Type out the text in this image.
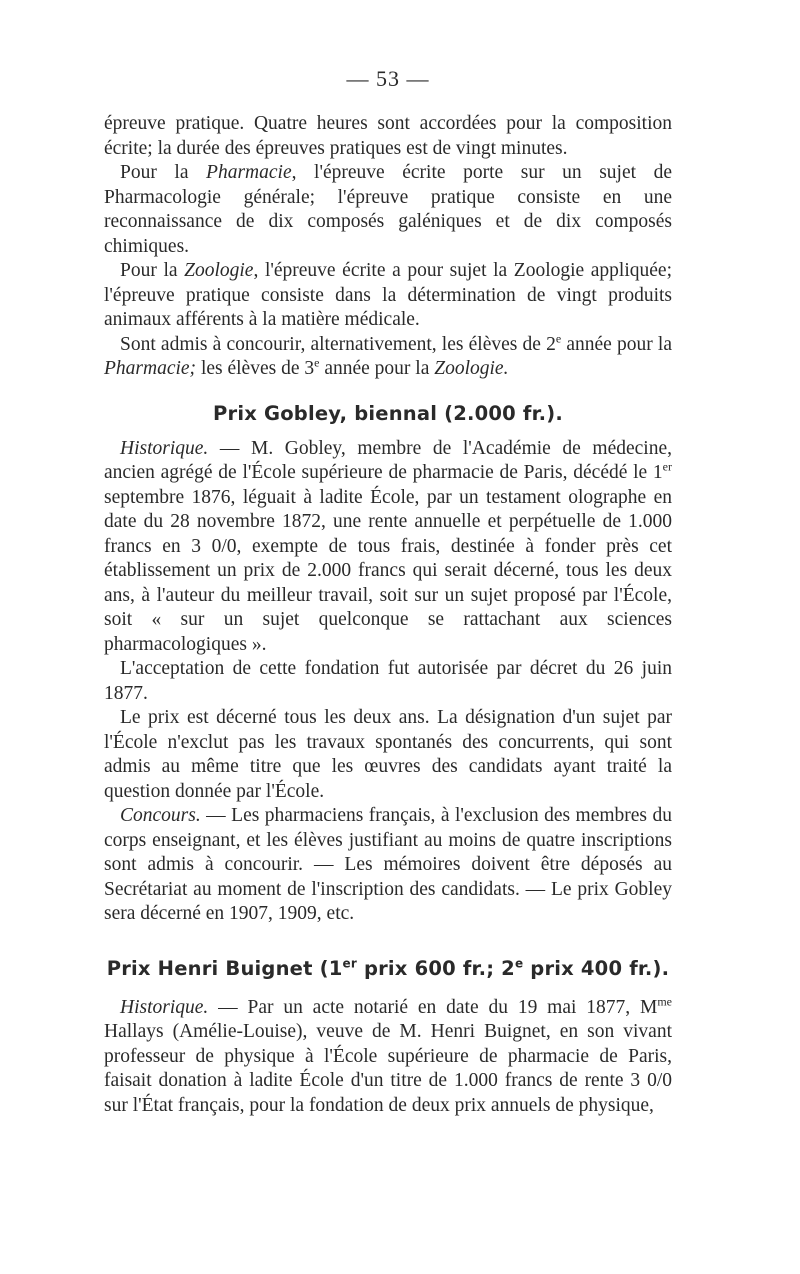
— 53 —

épreuve pratique. Quatre heures sont accordées pour la composition écrite; la durée des épreuves pratiques est de vingt minutes.

Pour la Pharmacie, l'épreuve écrite porte sur un sujet de Pharmacologie générale; l'épreuve pratique consiste en une reconnaissance de dix composés galéniques et de dix composés chimiques.

Pour la Zoologie, l'épreuve écrite a pour sujet la Zoologie appliquée; l'épreuve pratique consiste dans la détermination de vingt produits animaux afférents à la matière médicale.

Sont admis à concourir, alternativement, les élèves de 2e année pour la Pharmacie; les élèves de 3e année pour la Zoologie.

Prix Gobley, biennal (2.000 fr.).

Historique. — M. Gobley, membre de l'Académie de médecine, ancien agrégé de l'École supérieure de pharmacie de Paris, décédé le 1er septembre 1876, léguait à ladite École, par un testament olographe en date du 28 novembre 1872, une rente annuelle et perpétuelle de 1.000 francs en 3 0/0, exempte de tous frais, destinée à fonder près cet établissement un prix de 2.000 francs qui serait décerné, tous les deux ans, à l'auteur du meilleur travail, soit sur un sujet proposé par l'École, soit « sur un sujet quelconque se rattachant aux sciences pharmacologiques ».

L'acceptation de cette fondation fut autorisée par décret du 26 juin 1877.

Le prix est décerné tous les deux ans. La désignation d'un sujet par l'École n'exclut pas les travaux spontanés des concurrents, qui sont admis au même titre que les œuvres des candidats ayant traité la question donnée par l'École.

Concours. — Les pharmaciens français, à l'exclusion des membres du corps enseignant, et les élèves justifiant au moins de quatre inscriptions sont admis à concourir. — Les mémoires doivent être déposés au Secrétariat au moment de l'inscription des candidats. — Le prix Gobley sera décerné en 1907, 1909, etc.

Prix Henri Buignet (1er prix 600 fr.; 2e prix 400 fr.).

Historique. — Par un acte notarié en date du 19 mai 1877, $M^{me}$ Hallays (Amélie-Louise), veuve de M. Henri Buignet, en son vivant professeur de physique à l'École supérieure de pharmacie de Paris, faisait donation à ladite École d'un titre de 1.000 francs de rente 3 0/0 sur l'État français, pour la fondation de deux prix annuels de physique,
